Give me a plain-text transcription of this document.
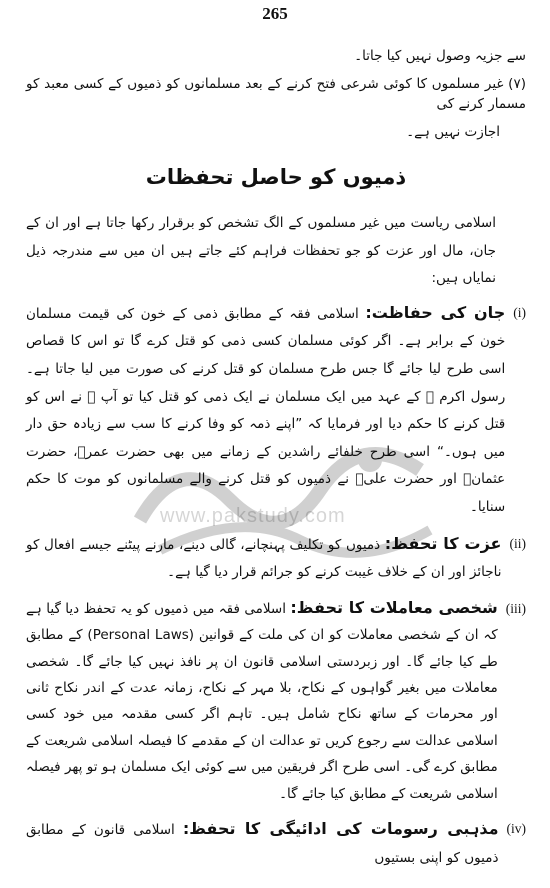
265

سے جزیہ وصول نہیں کیا جاتا۔

(۷) غیر مسلموں کا کوئی شرعی فتح کرنے کے بعد مسلمانوں کو ذمیوں کے کسی معبد کو مسمار کرنے کی

اجازت نہیں ہے۔

ذمیوں کو حاصل تحفظات

اسلامی ریاست میں غیر مسلموں کے الگ تشخص کو برقرار رکھا جاتا ہے اور ان کے جان، مال اور عزت کو جو تحفظات فراہم کئے جاتے ہیں ان میں سے مندرجہ ذیل نمایاں ہیں:

(i)

جان کی حفاظت: اسلامی فقہ کے مطابق ذمی کے خون کی قیمت مسلمان خون کے برابر ہے۔ اگر کوئی مسلمان کسی ذمی کو قتل کرے گا تو اس کا قصاص اسی طرح لیا جائے گا جس طرح مسلمان کو قتل کرنے کی صورت میں لیا جاتا ہے۔ رسول اکرم ﷺ کے عہد میں ایک مسلمان نے ایک ذمی کو قتل کیا تو آپ ﷺ نے اس کو قتل کرنے کا حکم دیا اور فرمایا کہ ”اپنے ذمہ کو وفا کرنے کا سب سے زیادہ حق دار میں ہوں۔“ اسی طرح خلفائے راشدین کے زمانے میں بھی حضرت عمرؓ، حضرت عثمانؓ اور حضرت علیؓ نے ذمیوں کو قتل کرنے والے مسلمانوں کو موت کا حکم سنایا۔

(ii)

عزت کا تحفظ: ذمیوں کو تکلیف پہنچانے، گالی دینے، مارنے پیٹنے جیسے افعال کو ناجائز اور ان کے خلاف غیبت کرنے کو جرائم قرار دیا گیا ہے۔

(iii)

شخصی معاملات کا تحفظ: اسلامی فقہ میں ذمیوں کو یہ تحفظ دیا گیا ہے کہ ان کے شخصی معاملات کو ان کی ملت کے قوانین (Personal Laws) کے مطابق طے کیا جائے گا۔ اور زبردستی اسلامی قانون ان پر نافذ نہیں کیا جائے گا۔ شخصی معاملات میں بغیر گواہوں کے نکاح، بلا مہر کے نکاح، زمانہ عدت کے اندر نکاح ثانی اور محرمات کے ساتھ نکاح شامل ہیں۔ تاہم اگر کسی مقدمہ میں خود کسی اسلامی عدالت سے رجوع کریں تو عدالت ان کے مقدمے کا فیصلہ اسلامی شریعت کے مطابق کرے گی۔ اسی طرح اگر فریقین میں سے کوئی ایک مسلمان ہو تو پھر فیصلہ اسلامی شریعت کے مطابق کیا جائے گا۔

(iv)

مذہبی رسومات کی ادائیگی کا تحفظ: اسلامی قانون کے مطابق ذمیوں کو اپنی بستیوں

www.pakstudy.com
